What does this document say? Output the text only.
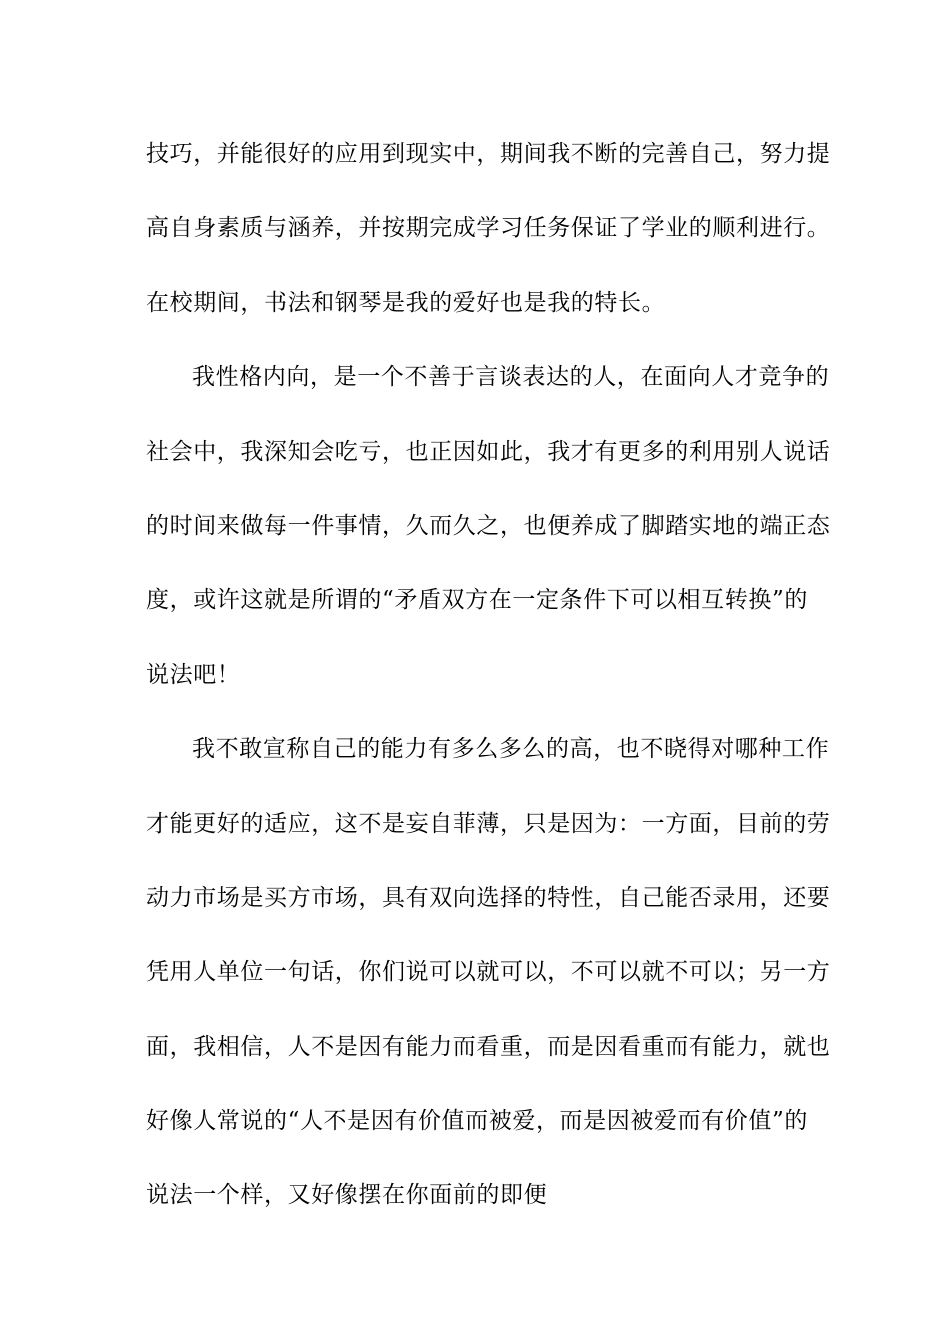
技巧，并能很好的应用到现实中，期间我不断的完善自己，努力提
高自身素质与涵养，并按期完成学习任务保证了学业的顺利进行。
在校期间，书法和钢琴是我的爱好也是我的特长。
我性格内向，是一个不善于言谈表达的人，在面向人才竞争的
社会中，我深知会吃亏，也正因如此，我才有更多的利用别人说话
的时间来做每一件事情，久而久之，也便养成了脚踏实地的端正态
度，或许这就是所谓的“矛盾双方在一定条件下可以相互转换”的
说法吧！
我不敢宣称自己的能力有多么多么的高，也不晓得对哪种工作
才能更好的适应，这不是妄自菲薄，只是因为：一方面，目前的劳
动力市场是买方市场，具有双向选择的特性，自己能否录用，还要
凭用人单位一句话，你们说可以就可以，不可以就不可以；另一方
面，我相信，人不是因有能力而看重，而是因看重而有能力，就也
好像人常说的“人不是因有价值而被爱，而是因被爱而有价值”的
说法一个样，又好像摆在你面前的即便
